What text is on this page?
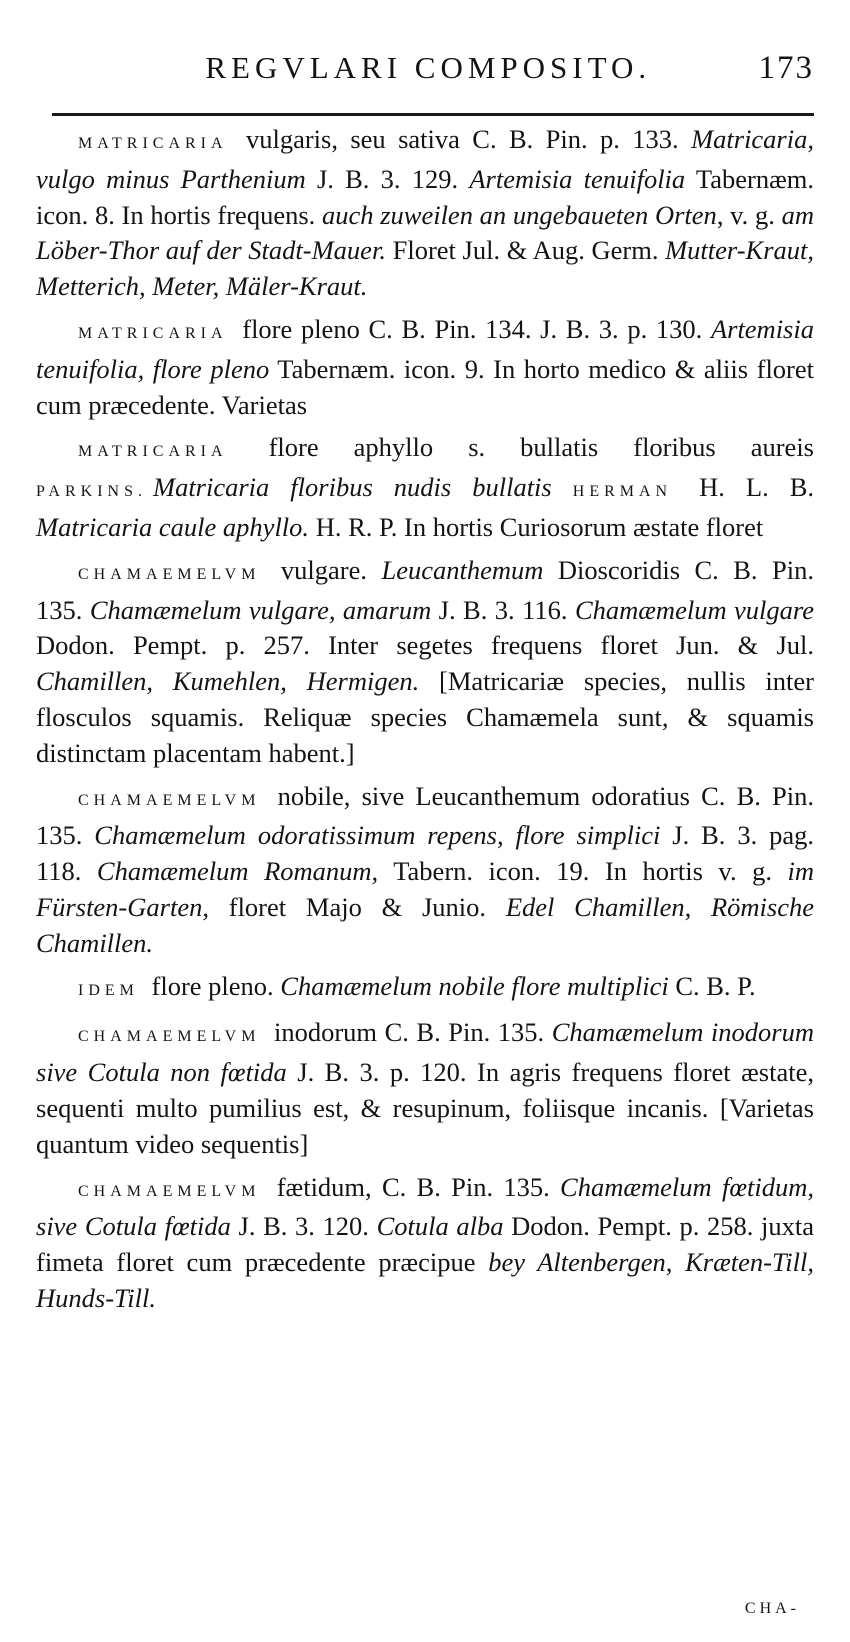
REGVLARI COMPOSITO.	173

MATRICARIA vulgaris, seu sativa C. B. Pin. p. 133. Matricaria, vulgo minus Parthenium J. B. 3. 129. Artemisia tenuifolia Tabernæm. icon. 8. In hortis frequens. auch zuweilen an ungebaueten Orten, v. g. am Löber-Thor auf der Stadt-Mauer. Floret Jul. & Aug. Germ. Mutter-Kraut, Metterich, Meter, Mäler-Kraut.

MATRICARIA flore pleno C. B. Pin. 134. J. B. 3. p. 130. Artemisia tenuifolia, flore pleno Tabernæm. icon. 9. In horto medico & aliis floret cum præcedente. Varietas

MATRICARIA flore aphyllo s. bullatis floribus aureis PARKINS. Matricaria floribus nudis bullatis HERMAN H. L. B. Matricaria caule aphyllo. H. R. P. In hortis Curiosorum æstate floret

CHAMAEMELVM vulgare. Leucanthemum Dioscoridis C. B. Pin. 135. Chamæmelum vulgare, amarum J. B. 3. 116. Chamæmelum vulgare Dodon. Pempt. p. 257. Inter segetes frequens floret Jun. & Jul. Chamillen, Kumehlen, Hermigen. [Matricariæ species, nullis inter flosculos squamis. Reliquæ species Chamæmela sunt, & squamis distinctam placentam habent.]

CHAMAEMELVM nobile, sive Leucanthemum odoratius C. B. Pin. 135. Chamæmelum odoratissimum repens, flore simplici J. B. 3. pag. 118. Chamæmelum Romanum, Tabern. icon. 19. In hortis v. g. im Fürsten-Garten, floret Majo & Junio. Edel Chamillen, Römische Chamillen.

IDEM flore pleno. Chamæmelum nobile flore multiplici C. B. P.

CHAMAEMELVM inodorum C. B. Pin. 135. Chamæmelum inodorum sive Cotula non fœtida J. B. 3. p. 120. In agris frequens floret æstate, sequenti multo pumilius est, & resupinum, foliisque incanis. [Varietas quantum video sequentis]

CHAMAEMELVM fætidum, C. B. Pin. 135. Chamæmelum fœtidum, sive Cotula fœtida J. B. 3. 120. Cotula alba Dodon. Pempt. p. 258. juxta fimeta floret cum præcedente præcipue bey Altenbergen, Kræten-Till, Hunds-Till.

CHA-
